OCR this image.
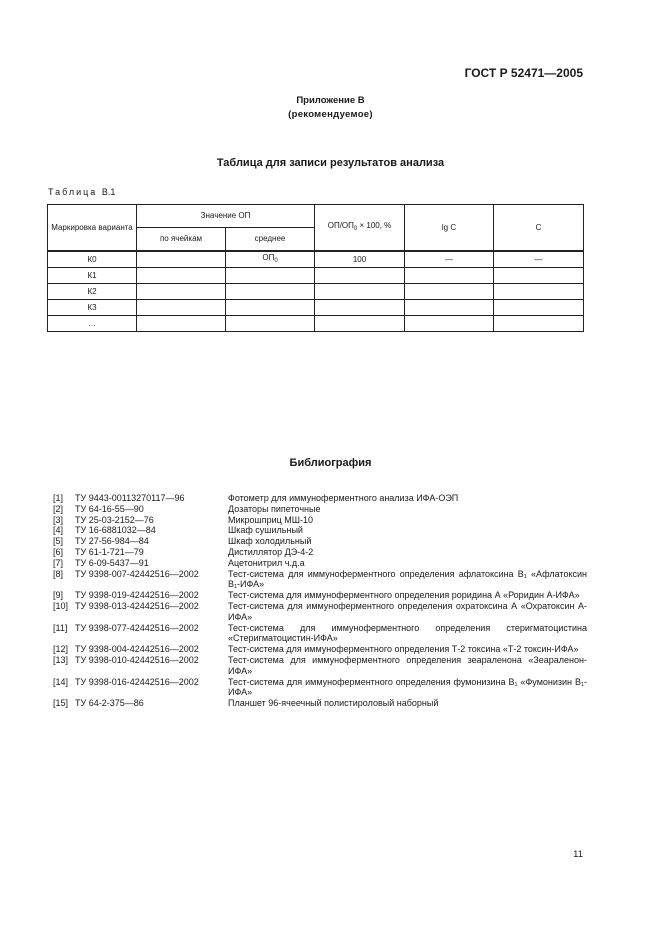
ГОСТ Р 52471—2005
Приложение В
(рекомендуемое)
Таблица для записи результатов анализа
Таблица В.1
Маркировка варианта	Значение ОП		$ОП/ОП_0 \times 100$, %	lg C	C
	по ячейкам	среднее			
К0		$ОП_0$	100	—	—
К1					
К2					
К3					
…					
Библиография
[1]	ТУ 9443-00113270117—96	Фотометр для иммуноферментного анализа ИФА-ОЭП
[2]	ТУ 64-16-55—90	Дозаторы пипеточные
[3]	ТУ 25-03-2152—76	Микрошприц МШ-10
[4]	ТУ 16-6881032—84	Шкаф сушильный
[5]	ТУ 27-56-984—84	Шкаф холодильный
[6]	ТУ 61-1-721—79	Дистиллятор ДЭ-4-2
[7]	ТУ 6-09-5437—91	Ацетонитрил ч.д.а
[8]	ТУ 9398-007-42442516—2002	Тест-система для иммуноферментного определения афлатоксина В₁ «Афлатоксин В₁-ИФА»
[9]	ТУ 9398-019-42442516—2002	Тест-система для иммуноферментного определения роридина А «Роридин А-ИФА»
[10] ТУ 9398-013-42442516—2002	Тест-система для иммуноферментного определения охратоксина А «Охратоксин А-ИФА»
[11] ТУ 9398-077-42442516—2002	Тест-система для иммуноферментного определения стеригматоцистина «Стеригматоцистин-ИФА»
[12] ТУ 9398-004-42442516—2002	Тест-система для иммуноферментного определения Т-2 токсина «Т-2 токсин-ИФА»
[13] ТУ 9398-010-42442516—2002	Тест-система для иммуноферментного определения зеараленона «Зеараленон-ИФА»
[14] ТУ 9398-016-42442516—2002	Тест-система для иммуноферментного определения фумонизина В₁ «Фумонизин В₁-ИФА»
[15] ТУ 64-2-375—86	Планшет 96-ячеечный полистироловый наборный
11
